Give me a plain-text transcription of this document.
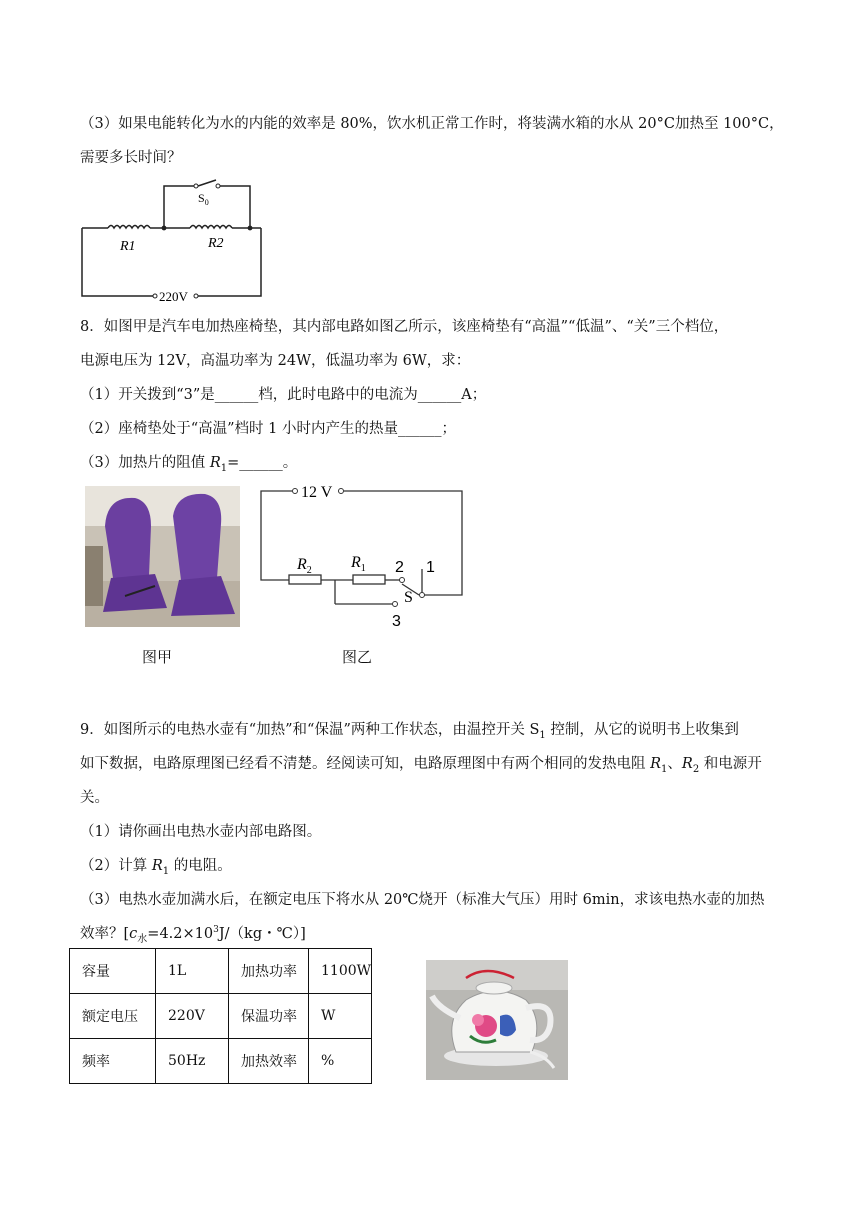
（3）如果电能转化为水的内能的效率是 80%，饮水机正常工作时，将装满水箱的水从 20°C加热至 100°C，
需要多长时间？
R1	R2
$S_0$
220V
8．如图甲是汽车电加热座椅垫，其内部电路如图乙所示，该座椅垫有“高温”“低温”、“关”三个档位，
电源电压为 12V，高温功率为 24W，低温功率为 6W，求：
（1）开关拨到“3”是______档，此时电路中的电流为______A；
（2）座椅垫处于“高温”档时 1 小时内产生的热量______；
（3）加热片的阻值 $R_1=\_\_\_\_\_\_$。
图甲
12 V
$R_2$ $R_1$ 2 1
S
3
图乙
9．如图所示的电热水壶有“加热”和“保温”两种工作状态，由温控开关 $S_1$ 控制，从它的说明书上收集到
如下数据，电路原理图已经看不清楚。经阅读可知，电路原理图中有两个相同的发热电阻 $R_1$、$R_2$ 和电源开
关。
（1）请你画出电热水壶内部电路图。
（2）计算 $R_1$ 的电阻。
（3）电热水壶加满水后，在额定电压下将水从 20℃烧开（标准大气压）用时 6min，求该电热水壶的加热
效率？[$c_水=4.2\times 10^3J/(kg$・℃）]
容量	1L	加热功率	1100W
额定电压	220V	保温功率	W
频率	50Hz	加热效率	%
